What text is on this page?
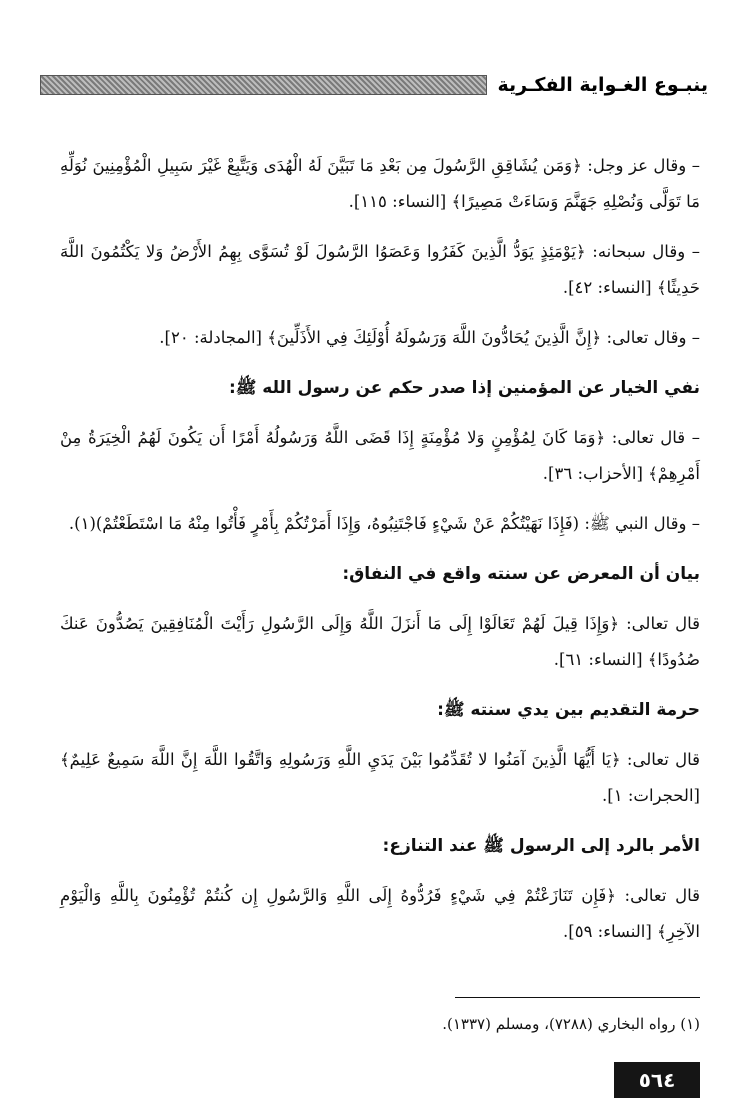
ينبـوع الغـواية الفكـرية

– وقال عز وجل: ﴿وَمَن يُشَاقِقِ الرَّسُولَ مِن بَعْدِ مَا تَبَيَّنَ لَهُ الْهُدَى وَيَتَّبِعْ غَيْرَ سَبِيلِ الْمُؤْمِنِينَ نُوَلِّهِ مَا تَوَلَّى وَنُصْلِهِ جَهَنَّمَ وَسَاءَتْ مَصِيرًا﴾ [النساء: ١١٥].

– وقال سبحانه: ﴿يَوْمَئِذٍ يَوَدُّ الَّذِينَ كَفَرُوا وَعَصَوُا الرَّسُولَ لَوْ تُسَوَّى بِهِمُ الأَرْضُ وَلا يَكْتُمُونَ اللَّهَ حَدِيثًا﴾ [النساء: ٤٢].

– وقال تعالى: ﴿إِنَّ الَّذِينَ يُحَادُّونَ اللَّهَ وَرَسُولَهُ أُوْلَئِكَ فِي الأَذَلِّينَ﴾ [المجادلة: ٢٠].

نفي الخيار عن المؤمنين إذا صدر حكم عن رسول الله ﷺ:

– قال تعالى: ﴿وَمَا كَانَ لِمُؤْمِنٍ وَلا مُؤْمِنَةٍ إِذَا قَضَى اللَّهُ وَرَسُولُهُ أَمْرًا أَن يَكُونَ لَهُمُ الْخِيَرَةُ مِنْ أَمْرِهِمْ﴾ [الأحزاب: ٣٦].

– وقال النبي ﷺ: (فَإِذَا نَهَيْتُكُمْ عَنْ شَيْءٍ فَاجْتَنِبُوهُ، وَإِذَا أَمَرْتُكُمْ بِأَمْرٍ فَأْتُوا مِنْهُ مَا اسْتَطَعْتُمْ)(١).

بيان أن المعرض عن سنته واقع في النفاق:

قال تعالى: ﴿وَإِذَا قِيلَ لَهُمْ تَعَالَوْا إِلَى مَا أَنزَلَ اللَّهُ وَإِلَى الرَّسُولِ رَأَيْتَ الْمُنَافِقِينَ يَصُدُّونَ عَنكَ صُدُودًا﴾ [النساء: ٦١].

حرمة التقديم بين يدي سنته ﷺ:

قال تعالى: ﴿يَا أَيُّهَا الَّذِينَ آمَنُوا لا تُقَدِّمُوا بَيْنَ يَدَيِ اللَّهِ وَرَسُولِهِ وَاتَّقُوا اللَّهَ إِنَّ اللَّهَ سَمِيعٌ عَلِيمٌ﴾ [الحجرات: ١].

الأمر بالرد إلى الرسول ﷺ عند التنازع:

قال تعالى: ﴿فَإِن تَنَازَعْتُمْ فِي شَيْءٍ فَرُدُّوهُ إِلَى اللَّهِ وَالرَّسُولِ إِن كُنتُمْ تُؤْمِنُونَ بِاللَّهِ وَالْيَوْمِ الآخِرِ﴾ [النساء: ٥٩].

(١) رواه البخاري (٧٢٨٨)، ومسلم (١٣٣٧).
٥٦٤
